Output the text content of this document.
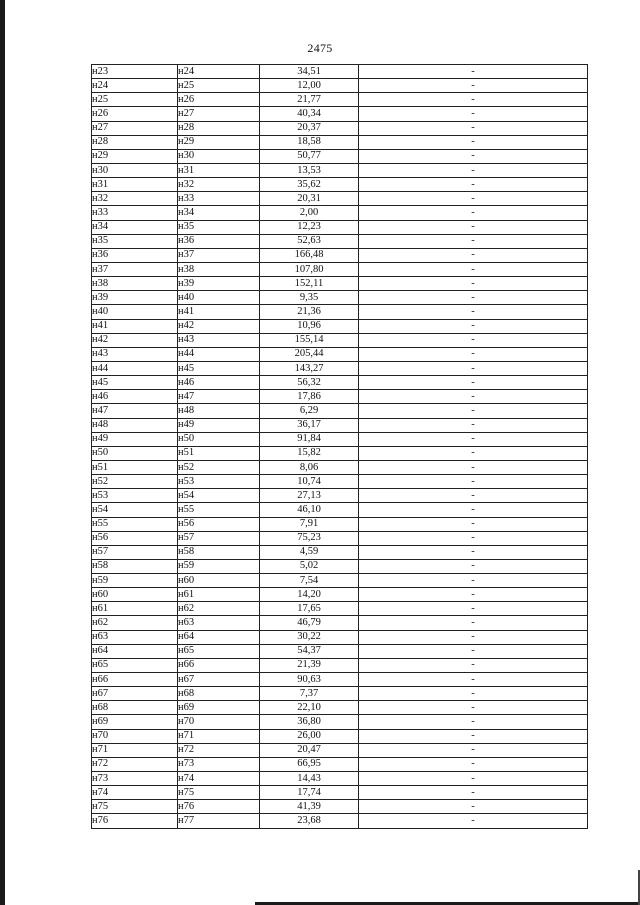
2475
н23	н24	34,51	-
н24	н25	12,00	-
н25	н26	21,77	-
н26	н27	40,34	-
н27	н28	20,37	-
н28	н29	18,58	-
н29	н30	50,77	-
н30	н31	13,53	-
н31	н32	35,62	-
н32	н33	20,31	-
н33	н34	2,00	-
н34	н35	12,23	-
н35	н36	52,63	-
н36	н37	166,48	-
н37	н38	107,80	-
н38	н39	152,11	-
н39	н40	9,35	-
н40	н41	21,36	-
н41	н42	10,96	-
н42	н43	155,14	-
н43	н44	205,44	-
н44	н45	143,27	-
н45	н46	56,32	-
н46	н47	17,86	-
н47	н48	6,29	-
н48	н49	36,17	-
н49	н50	91,84	-
н50	н51	15,82	-
н51	н52	8,06	-
н52	н53	10,74	-
н53	н54	27,13	-
н54	н55	46,10	-
н55	н56	7,91	-
н56	н57	75,23	-
н57	н58	4,59	-
н58	н59	5,02	-
н59	н60	7,54	-
н60	н61	14,20	-
н61	н62	17,65	-
н62	н63	46,79	-
н63	н64	30,22	-
н64	н65	54,37	-
н65	н66	21,39	-
н66	н67	90,63	-
н67	н68	7,37	-
н68	н69	22,10	-
н69	н70	36,80	-
н70	н71	26,00	-
н71	н72	20,47	-
н72	н73	66,95	-
н73	н74	14,43	-
н74	н75	17,74	-
н75	н76	41,39	-
н76	н77	23,68	-
